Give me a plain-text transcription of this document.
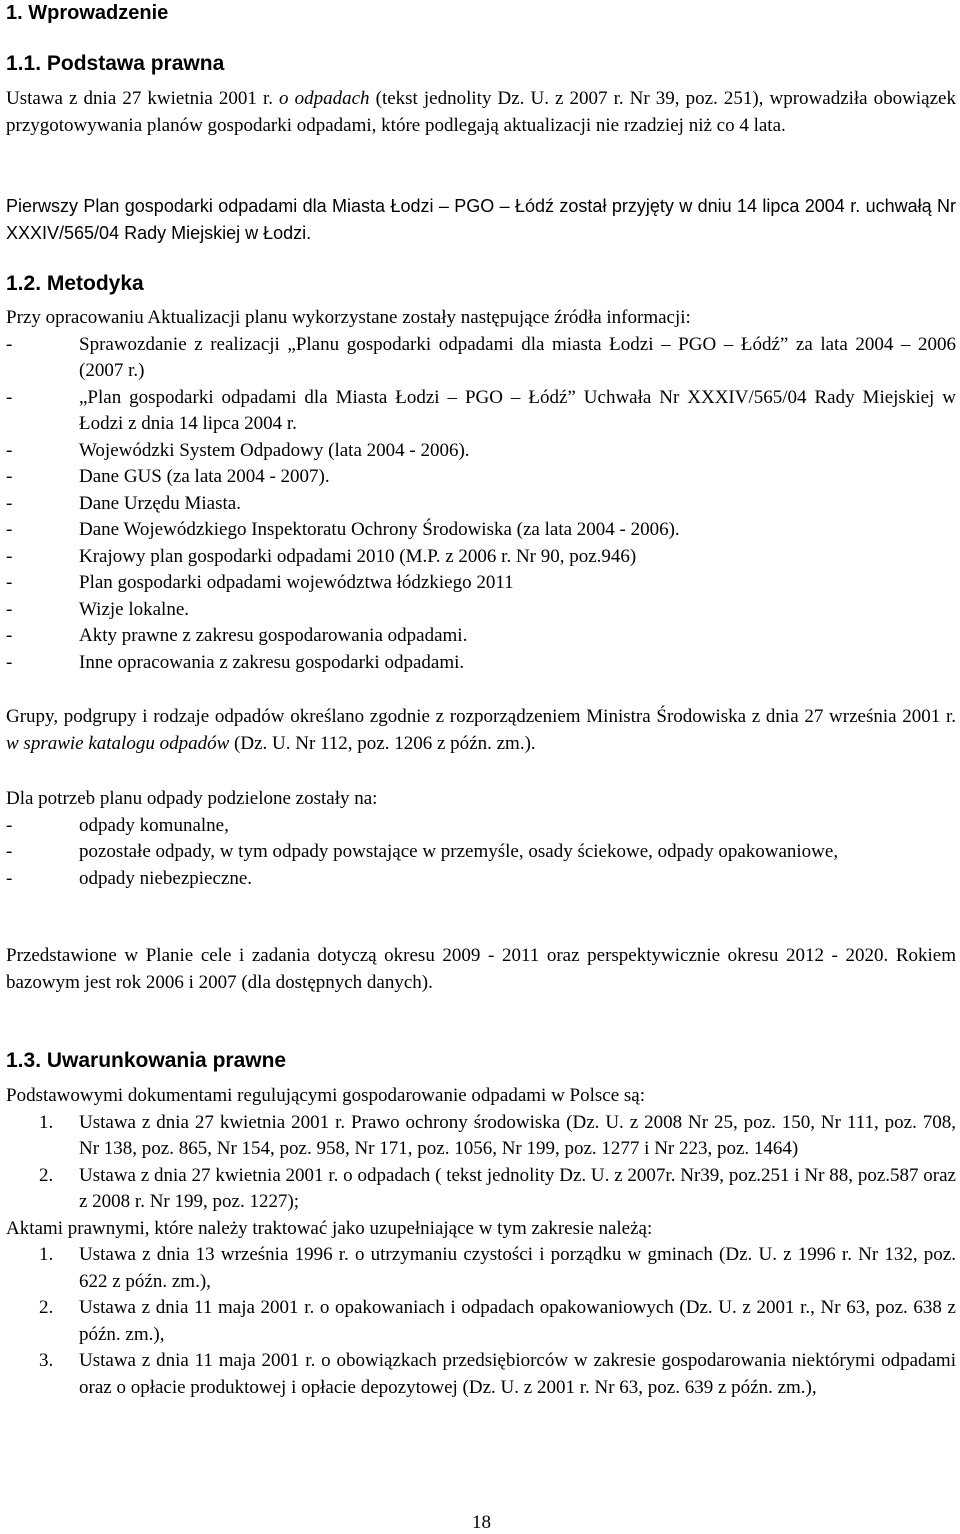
1. Wprowadzenie
1.1. Podstawa prawna

Ustawa z dnia 27 kwietnia 2001 r. o odpadach (tekst jednolity Dz. U. z 2007 r. Nr 39, poz. 251), wprowadziła obowiązek przygotowywania planów gospodarki odpadami, które podlegają aktualizacji nie rzadziej niż co 4 lata.

Pierwszy Plan gospodarki odpadami dla Miasta Łodzi – PGO – Łódź został przyjęty w dniu 14 lipca 2004 r. uchwałą Nr XXXIV/565/04 Rady Miejskiej w Łodzi.

1.2. Metodyka

Przy opracowaniu Aktualizacji planu wykorzystane zostały następujące źródła informacji:

-	Sprawozdanie z realizacji „Planu gospodarki odpadami dla miasta Łodzi – PGO – Łódź” za lata 2004 – 2006 (2007 r.)
-	„Plan gospodarki odpadami dla Miasta Łodzi – PGO – Łódź” Uchwała Nr XXXIV/565/04 Rady Miejskiej w Łodzi z dnia 14 lipca 2004 r.
-	Wojewódzki System Odpadowy (lata 2004 - 2006).
-	Dane GUS (za lata 2004 - 2007).
-	Dane Urzędu Miasta.
-	Dane Wojewódzkiego Inspektoratu Ochrony Środowiska (za lata 2004 - 2006).
-	Krajowy plan gospodarki odpadami 2010 (M.P. z 2006 r. Nr 90, poz.946)
-	Plan gospodarki odpadami województwa łódzkiego 2011
-	Wizje lokalne.
-	Akty prawne z zakresu gospodarowania odpadami.
-	Inne opracowania z zakresu gospodarki odpadami.

Grupy, podgrupy i rodzaje odpadów określano zgodnie z rozporządzeniem Ministra Środowiska z dnia 27 września 2001 r. w sprawie katalogu odpadów (Dz. U. Nr 112, poz. 1206 z późn. zm.).

Dla potrzeb planu odpady podzielone zostały na:

-	odpady komunalne,
-	pozostałe odpady, w tym odpady powstające w przemyśle, osady ściekowe, odpady opakowaniowe,
-	odpady niebezpieczne.

Przedstawione w Planie cele i zadania dotyczą okresu 2009 - 2011 oraz perspektywicznie okresu 2012 - 2020. Rokiem bazowym jest rok 2006 i 2007 (dla dostępnych danych).

1.3. Uwarunkowania prawne

Podstawowymi dokumentami regulującymi gospodarowanie odpadami w Polsce są:

1.	Ustawa z dnia 27 kwietnia 2001 r. Prawo ochrony środowiska (Dz. U. z 2008 Nr 25, poz. 150, Nr 111, poz. 708, Nr 138, poz. 865, Nr 154, poz. 958, Nr 171, poz. 1056, Nr 199, poz. 1277 i Nr 223, poz. 1464)
2.	Ustawa z dnia 27 kwietnia 2001 r. o odpadach ( tekst jednolity Dz. U. z 2007r. Nr39, poz.251 i Nr 88, poz.587 oraz z 2008 r. Nr 199, poz. 1227);

Aktami prawnymi, które należy traktować jako uzupełniające w tym zakresie należą:

1.	Ustawa z dnia 13 września 1996 r. o utrzymaniu czystości i porządku w gminach (Dz. U. z 1996 r. Nr 132, poz. 622 z późn. zm.),
2.	Ustawa z dnia 11 maja 2001 r. o opakowaniach i odpadach opakowaniowych (Dz. U. z 2001 r., Nr 63, poz. 638 z późn. zm.),
3.	Ustawa z dnia 11 maja 2001 r. o obowiązkach przedsiębiorców w zakresie gospodarowania niektórymi odpadami oraz o opłacie produktowej i opłacie depozytowej (Dz. U. z 2001 r. Nr 63, poz. 639 z późn. zm.),
18
